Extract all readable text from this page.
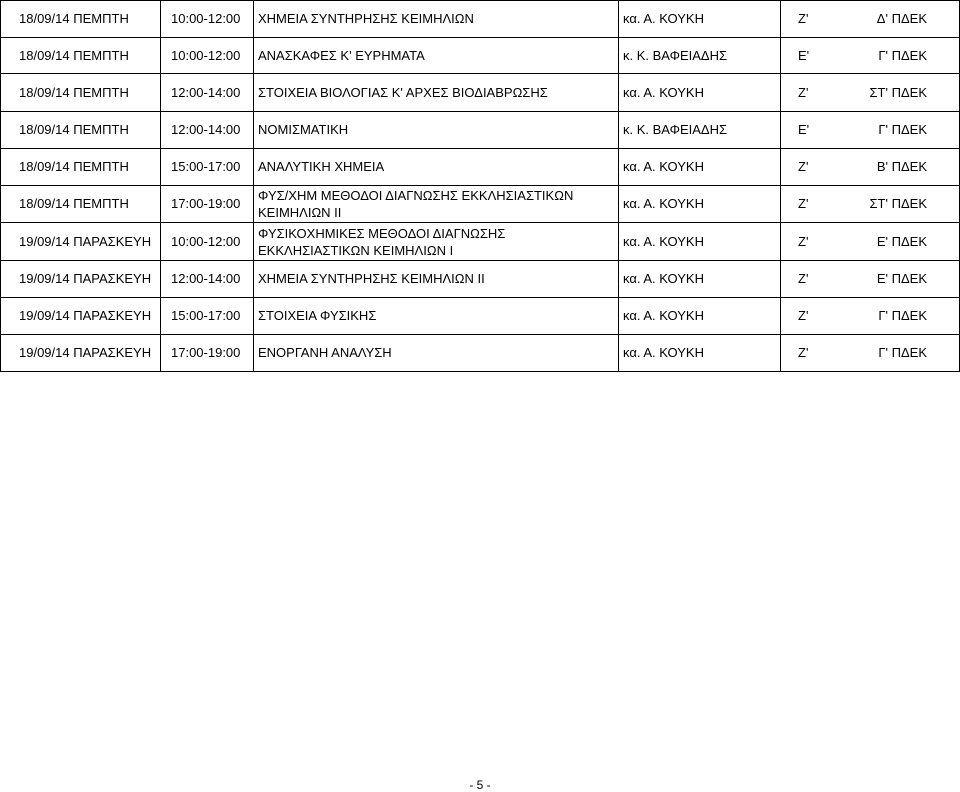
18/09/14 ΠΕΜΠΤΗ	10:00-12:00	ΧΗΜΕΙΑ ΣΥΝΤΗΡΗΣΗΣ ΚΕΙΜΗΛΙΩΝ	κα. Α. ΚΟΥΚΗ	Ζ' Δ' ΠΔΕΚ
18/09/14 ΠΕΜΠΤΗ	10:00-12:00	ΑΝΑΣΚΑΦΕΣ Κ' ΕΥΡΗΜΑΤΑ	κ. Κ. ΒΑΦΕΙΑΔΗΣ	Ε' Γ' ΠΔΕΚ
18/09/14 ΠΕΜΠΤΗ	12:00-14:00	ΣΤΟΙΧΕΙΑ ΒΙΟΛΟΓΙΑΣ Κ' ΑΡΧΕΣ ΒΙΟΔΙΑΒΡΩΣΗΣ	κα. Α. ΚΟΥΚΗ	Ζ' ΣΤ' ΠΔΕΚ
18/09/14 ΠΕΜΠΤΗ	12:00-14:00	ΝΟΜΙΣΜΑΤΙΚΗ	κ. Κ. ΒΑΦΕΙΑΔΗΣ	Ε' Γ' ΠΔΕΚ
18/09/14 ΠΕΜΠΤΗ	15:00-17:00	ΑΝΑΛΥΤΙΚΗ ΧΗΜΕΙΑ	κα. Α. ΚΟΥΚΗ	Ζ' Β' ΠΔΕΚ
18/09/14 ΠΕΜΠΤΗ	17:00-19:00	ΦΥΣ/ΧΗΜ ΜΕΘΟΔΟΙ ΔΙΑΓΝΩΣΗΣ ΕΚΚΛΗΣΙΑΣΤΙΚΩΝ ΚΕΙΜΗΛΙΩΝ ΙΙ	κα. Α. ΚΟΥΚΗ	Ζ' ΣΤ' ΠΔΕΚ
19/09/14 ΠΑΡΑΣΚΕΥΗ	10:00-12:00	ΦΥΣΙΚΟΧΗΜΙΚΕΣ ΜΕΘΟΔΟΙ ΔΙΑΓΝΩΣΗΣ ΕΚΚΛΗΣΙΑΣΤΙΚΩΝ ΚΕΙΜΗΛΙΩΝ Ι	κα. Α. ΚΟΥΚΗ	Ζ' Ε' ΠΔΕΚ
19/09/14 ΠΑΡΑΣΚΕΥΗ	12:00-14:00	ΧΗΜΕΙΑ ΣΥΝΤΗΡΗΣΗΣ ΚΕΙΜΗΛΙΩΝ ΙΙ	κα. Α. ΚΟΥΚΗ	Ζ' Ε' ΠΔΕΚ
19/09/14 ΠΑΡΑΣΚΕΥΗ	15:00-17:00	ΣΤΟΙΧΕΙΑ ΦΥΣΙΚΗΣ	κα. Α. ΚΟΥΚΗ	Ζ' Γ' ΠΔΕΚ
19/09/14 ΠΑΡΑΣΚΕΥΗ	17:00-19:00	ΕΝΟΡΓΑΝΗ ΑΝΑΛΥΣΗ	κα. Α. ΚΟΥΚΗ	Ζ' Γ' ΠΔΕΚ
- 5 -
